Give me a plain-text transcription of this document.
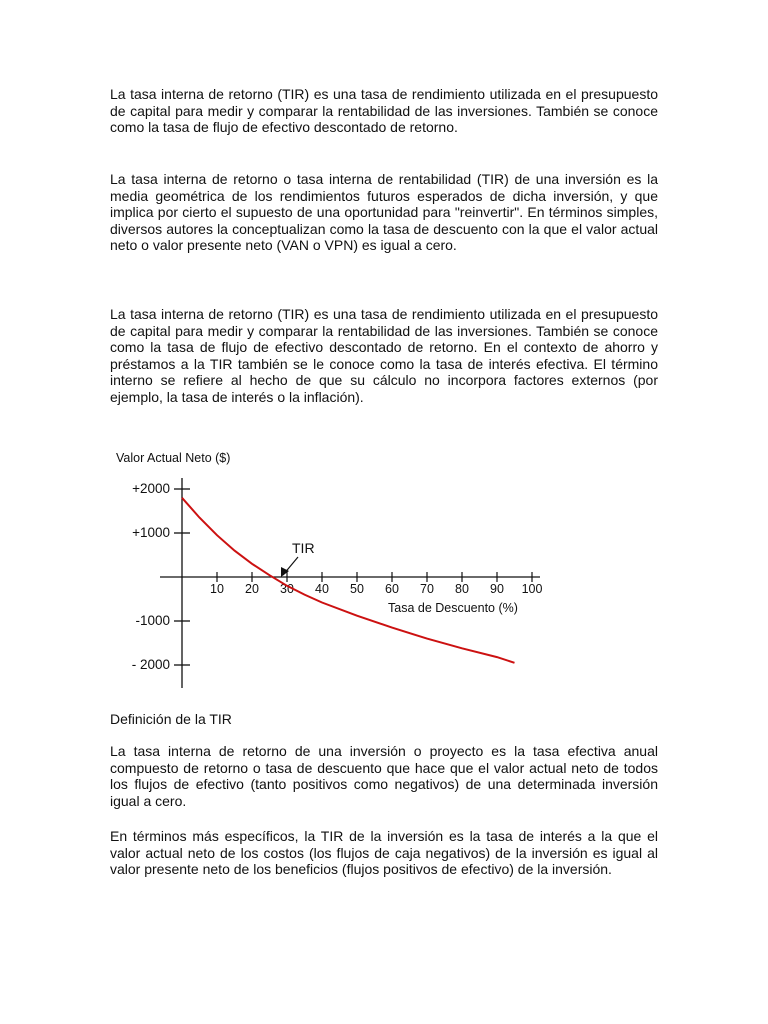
La tasa interna de retorno (TIR) es una tasa de rendimiento utilizada en el presupuesto de capital para medir y comparar la rentabilidad de las inversiones. También se conoce como la tasa de flujo de efectivo descontado de retorno.

La tasa interna de retorno o tasa interna de rentabilidad (TIR) de una inversión es la media geométrica de los rendimientos futuros esperados de dicha inversión, y que implica por cierto el supuesto de una oportunidad para "reinvertir". En términos simples, diversos autores la conceptualizan como la tasa de descuento con la que el valor actual neto o valor presente neto (VAN o VPN) es igual a cero.

La tasa interna de retorno (TIR) es una tasa de rendimiento utilizada en el presupuesto de capital para medir y comparar la rentabilidad de las inversiones. También se conoce como la tasa de flujo de efectivo descontado de retorno. En el contexto de ahorro y préstamos a la TIR también se le conoce como la tasa de interés efectiva. El término interno se refiere al hecho de que su cálculo no incorpora factores externos (por ejemplo, la tasa de interés o la inflación).

Valor Actual Neto ($)
Tasa de Descuento (%)
TIR
10 20 30 40 50 60 70 80 90 100
+2000
+1000
-1000
- 2000

Definición de la TIR

La tasa interna de retorno de una inversión o proyecto es la tasa efectiva anual compuesto de retorno o tasa de descuento que hace que el valor actual neto de todos los flujos de efectivo (tanto positivos como negativos) de una determinada inversión igual a cero.

En términos más específicos, la TIR de la inversión es la tasa de interés a la que el valor actual neto de los costos (los flujos de caja negativos) de la inversión es igual al valor presente neto de los beneficios (flujos positivos de efectivo) de la inversión.
